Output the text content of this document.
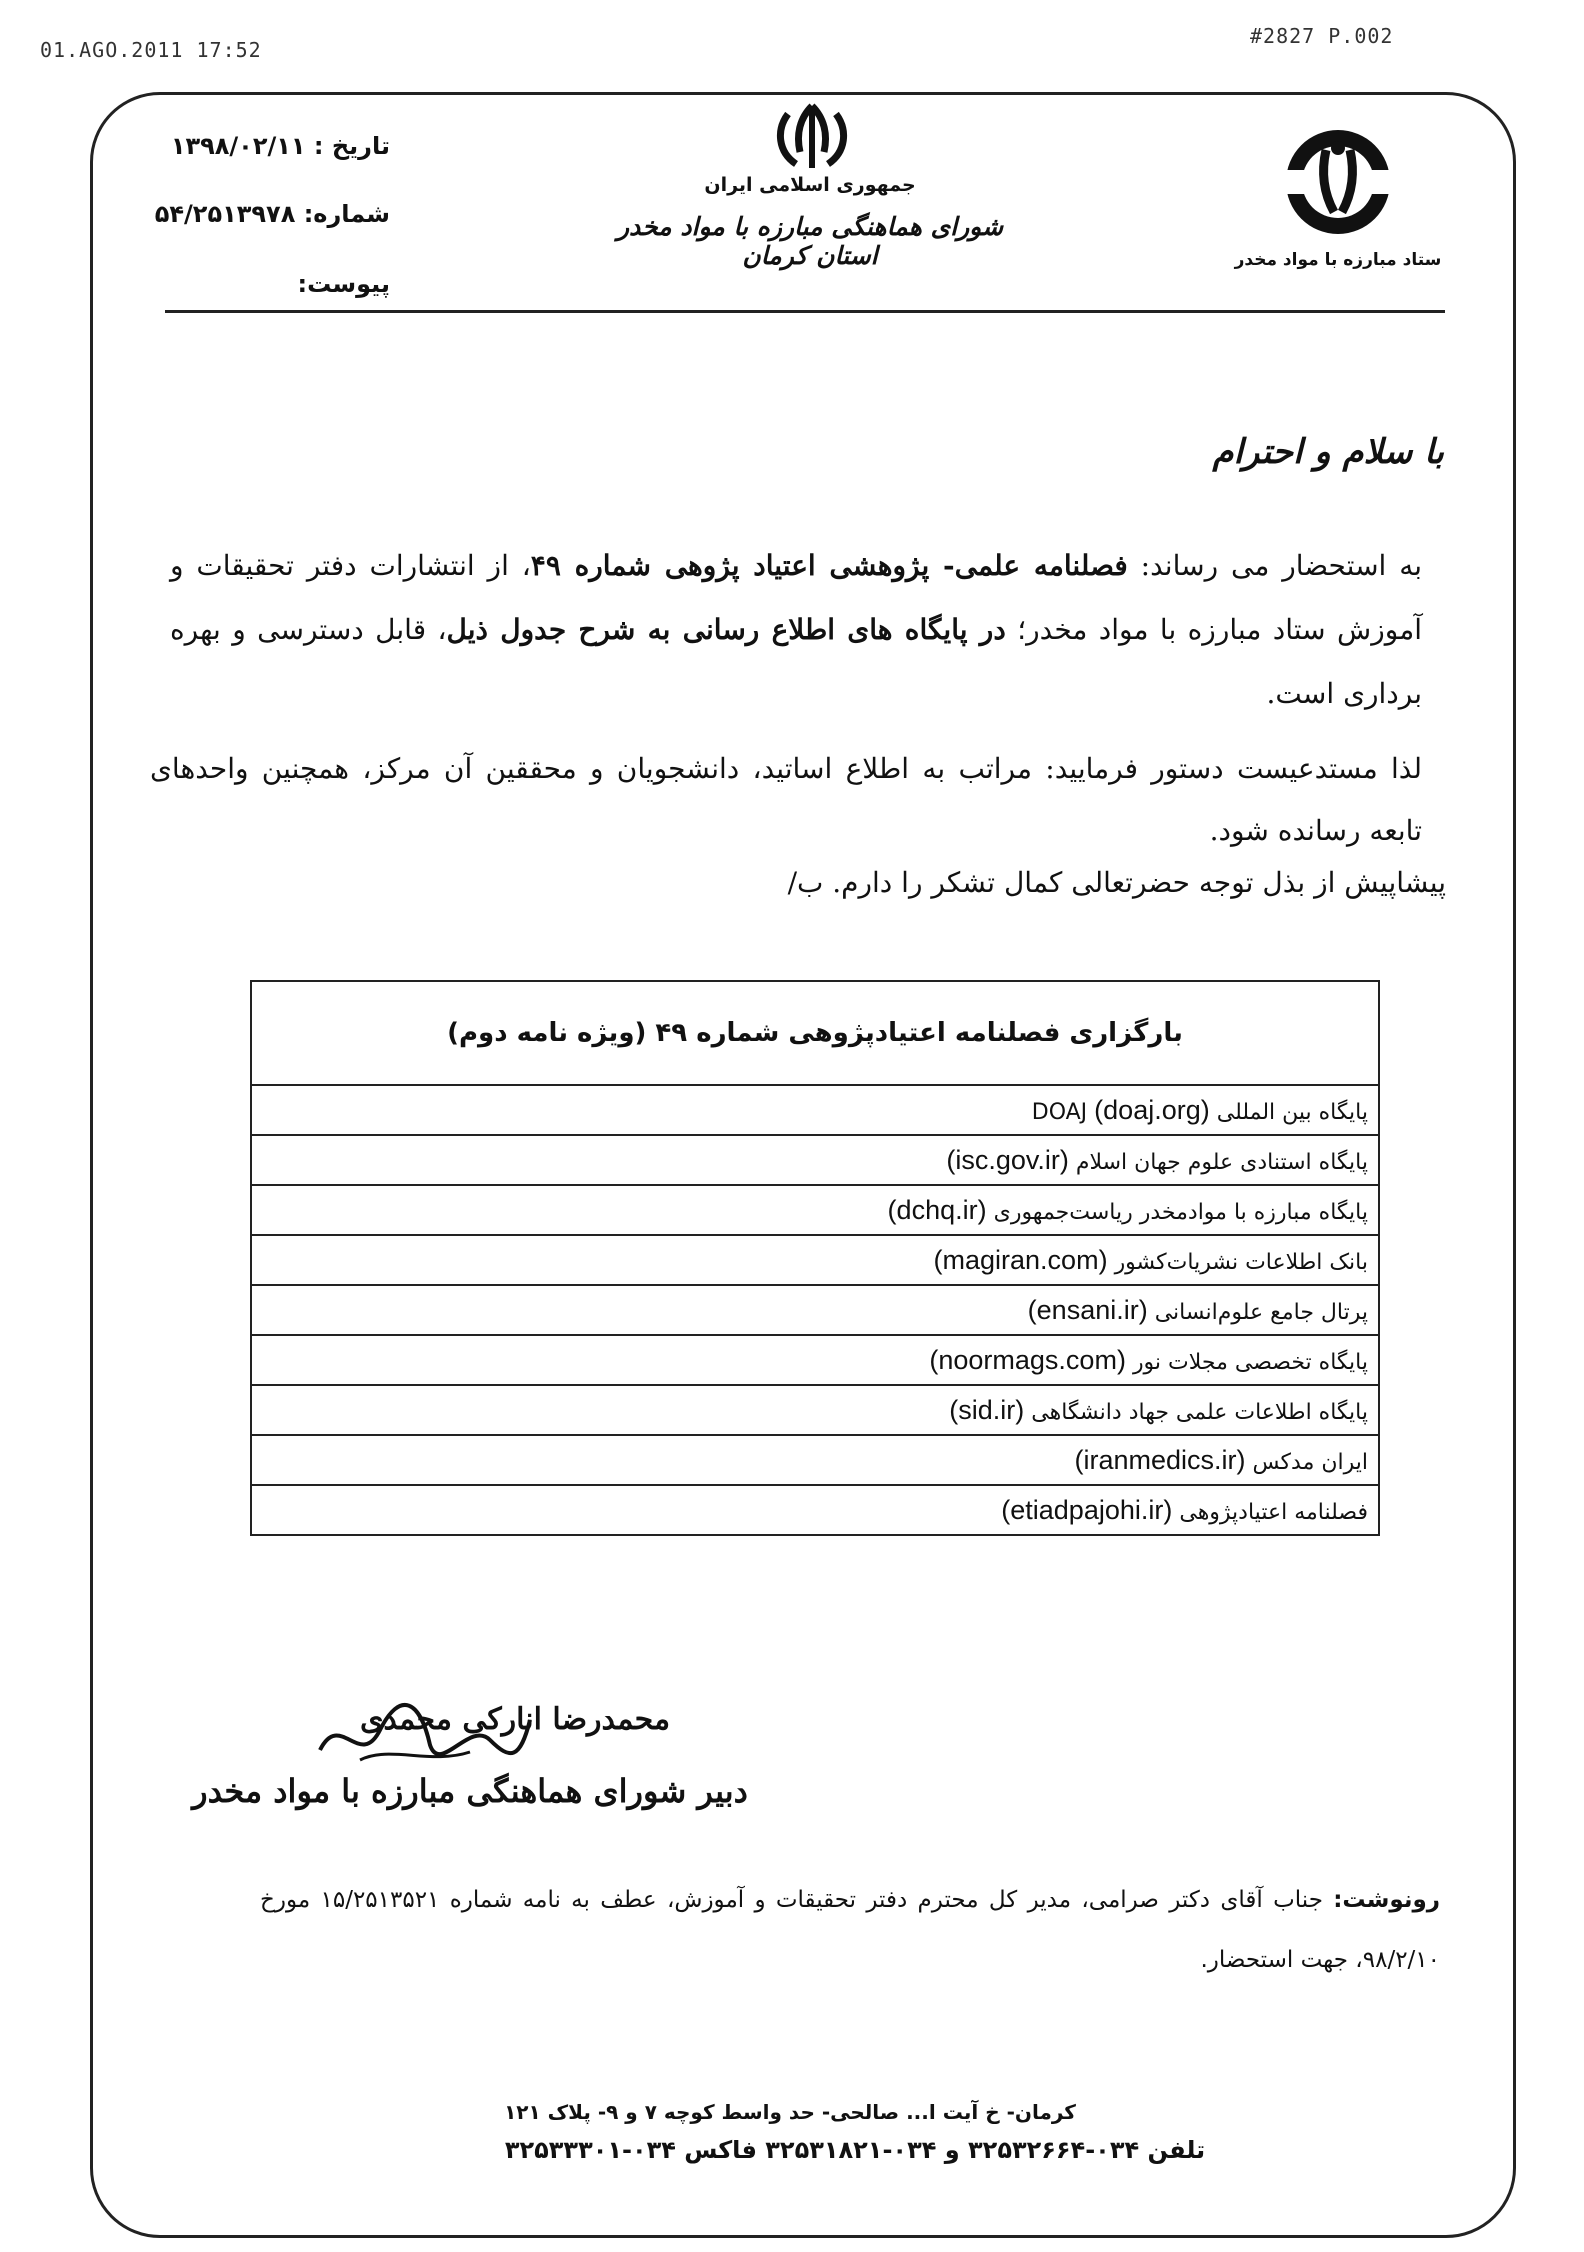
01.AGO.2011 17:52
#2827 P.002
تاریخ : ۱۳۹۸/۰۲/۱۱
شماره: ۵۴/۲۵۱۳۹۷۸
پیوست:
جمهوری اسلامی ایران
شورای هماهنگی مبارزه با مواد مخدر استان کرمان	ستاد مبارزه با مواد مخدر
با سلام و احترام
به استحضار می رساند: فصلنامه علمی- پژوهشی اعتیاد پژوهی شماره ۴۹، از انتشارات دفتر تحقیقات و آموزش ستاد مبارزه با مواد مخدر؛ در پایگاه های اطلاع رسانی به شرح جدول ذیل، قابل دسترسی و بهره برداری است.
لذا مستدعیست دستور فرمایید: مراتب به اطلاع اساتید، دانشجویان و محققین آن مرکز، همچنین واحدهای تابعه رسانده شود.
پیشاپیش از بذل توجه حضرتعالی کمال تشکر را دارم. ب/
بارگزاری فصلنامه اعتیادپژوهی شماره ۴۹ (ویژه نامه دوم)
پایگاه بین المللی DOAJ (doaj.org)
پایگاه استنادی علوم جهان اسلام (isc.gov.ir)
پایگاه مبارزه با موادمخدر ریاست‌جمهوری (dchq.ir)
بانک اطلاعات نشریات‌کشور (magiran.com)
پرتال جامع علوم‌انسانی (ensani.ir)
پایگاه تخصصی مجلات نور (noormags.com)
پایگاه اطلاعات علمی جهاد دانشگاهی (sid.ir)
ایران مدکس (iranmedics.ir)
فصلنامه اعتیادپژوهی (etiadpajohi.ir)
محمدرضا انارکی محمدی
دبیر شورای هماهنگی مبارزه با مواد مخدر
رونوشت: جناب آقای دکتر صرامی، مدیر کل محترم دفتر تحقیقات و آموزش، عطف به نامه شماره ۱۵/۲۵۱۳۵۲۱ مورخ ۹۸/۲/۱۰، جهت استحضار.
کرمان- خ آیت ا... صالحی- حد واسط کوچه ۷ و ۹- پلاک ۱۲۱
تلفن ۰۳۴-۳۲۵۳۲۶۶۴ و ۰۳۴-۳۲۵۳۱۸۲۱ فاکس ۰۳۴-۳۲۵۳۳۳۰۱
